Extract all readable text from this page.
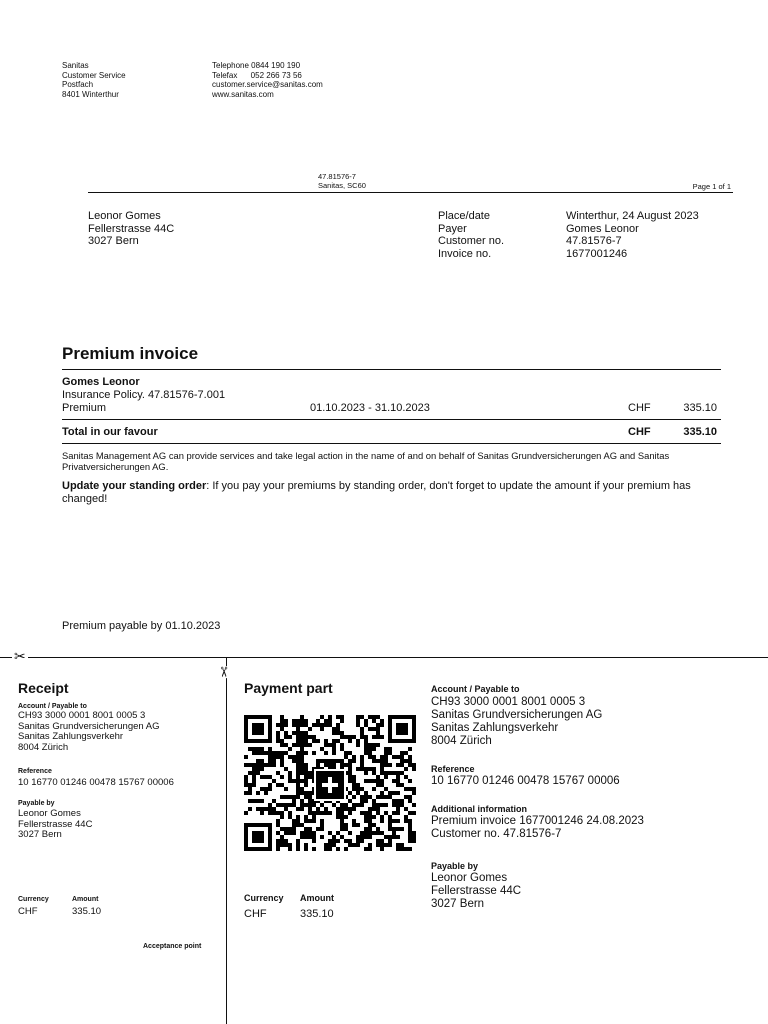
Sanitas
Customer Service
Postfach
8401 Winterthur
Telephone 0844 190 190
Telefax      052 266 73 56
customer.service@sanitas.com
www.sanitas.com
47.81576-7
Sanitas, SC60	Page 1 of 1
Leonor Gomes
Fellerstrasse 44C
3027 Bern
Place/date	Winterthur, 24 August 2023
Payer	Gomes Leonor
Customer no.	47.81576-7
Invoice no.	1677001246
Premium invoice
Gomes Leonor
Insurance Policy. 47.81576-7.001
Premium	01.10.2023 - 31.10.2023	CHF	335.10
Total in our favour	CHF	335.10
Sanitas Management AG can provide services and take legal action in the name of and on behalf of Sanitas Grundversicherungen AG and Sanitas Privatversicherungen AG.
Update your standing order: If you pay your premiums by standing order, don't forget to update the amount if your premium has changed!
Premium payable by 01.10.2023
✂
✂
Receipt
Account / Payable to
CH93 3000 0001 8001 0005 3
Sanitas Grundversicherungen AG
Sanitas Zahlungsverkehr
8004 Zürich
Reference
10 16770 01246 00478 15767 00006
Payable by
Leonor Gomes
Fellerstrasse 44C
3027 Bern
Currency	Amount
CHF	335.10
Acceptance point
Payment part
Currency Amount
CHF	335.10
Account / Payable to
CH93 3000 0001 8001 0005 3
Sanitas Grundversicherungen AG
Sanitas Zahlungsverkehr
8004 Zürich
Reference
10 16770 01246 00478 15767 00006
Additional information
Premium invoice 1677001246 24.08.2023
Customer no. 47.81576-7
Payable by
Leonor Gomes
Fellerstrasse 44C
3027 Bern
